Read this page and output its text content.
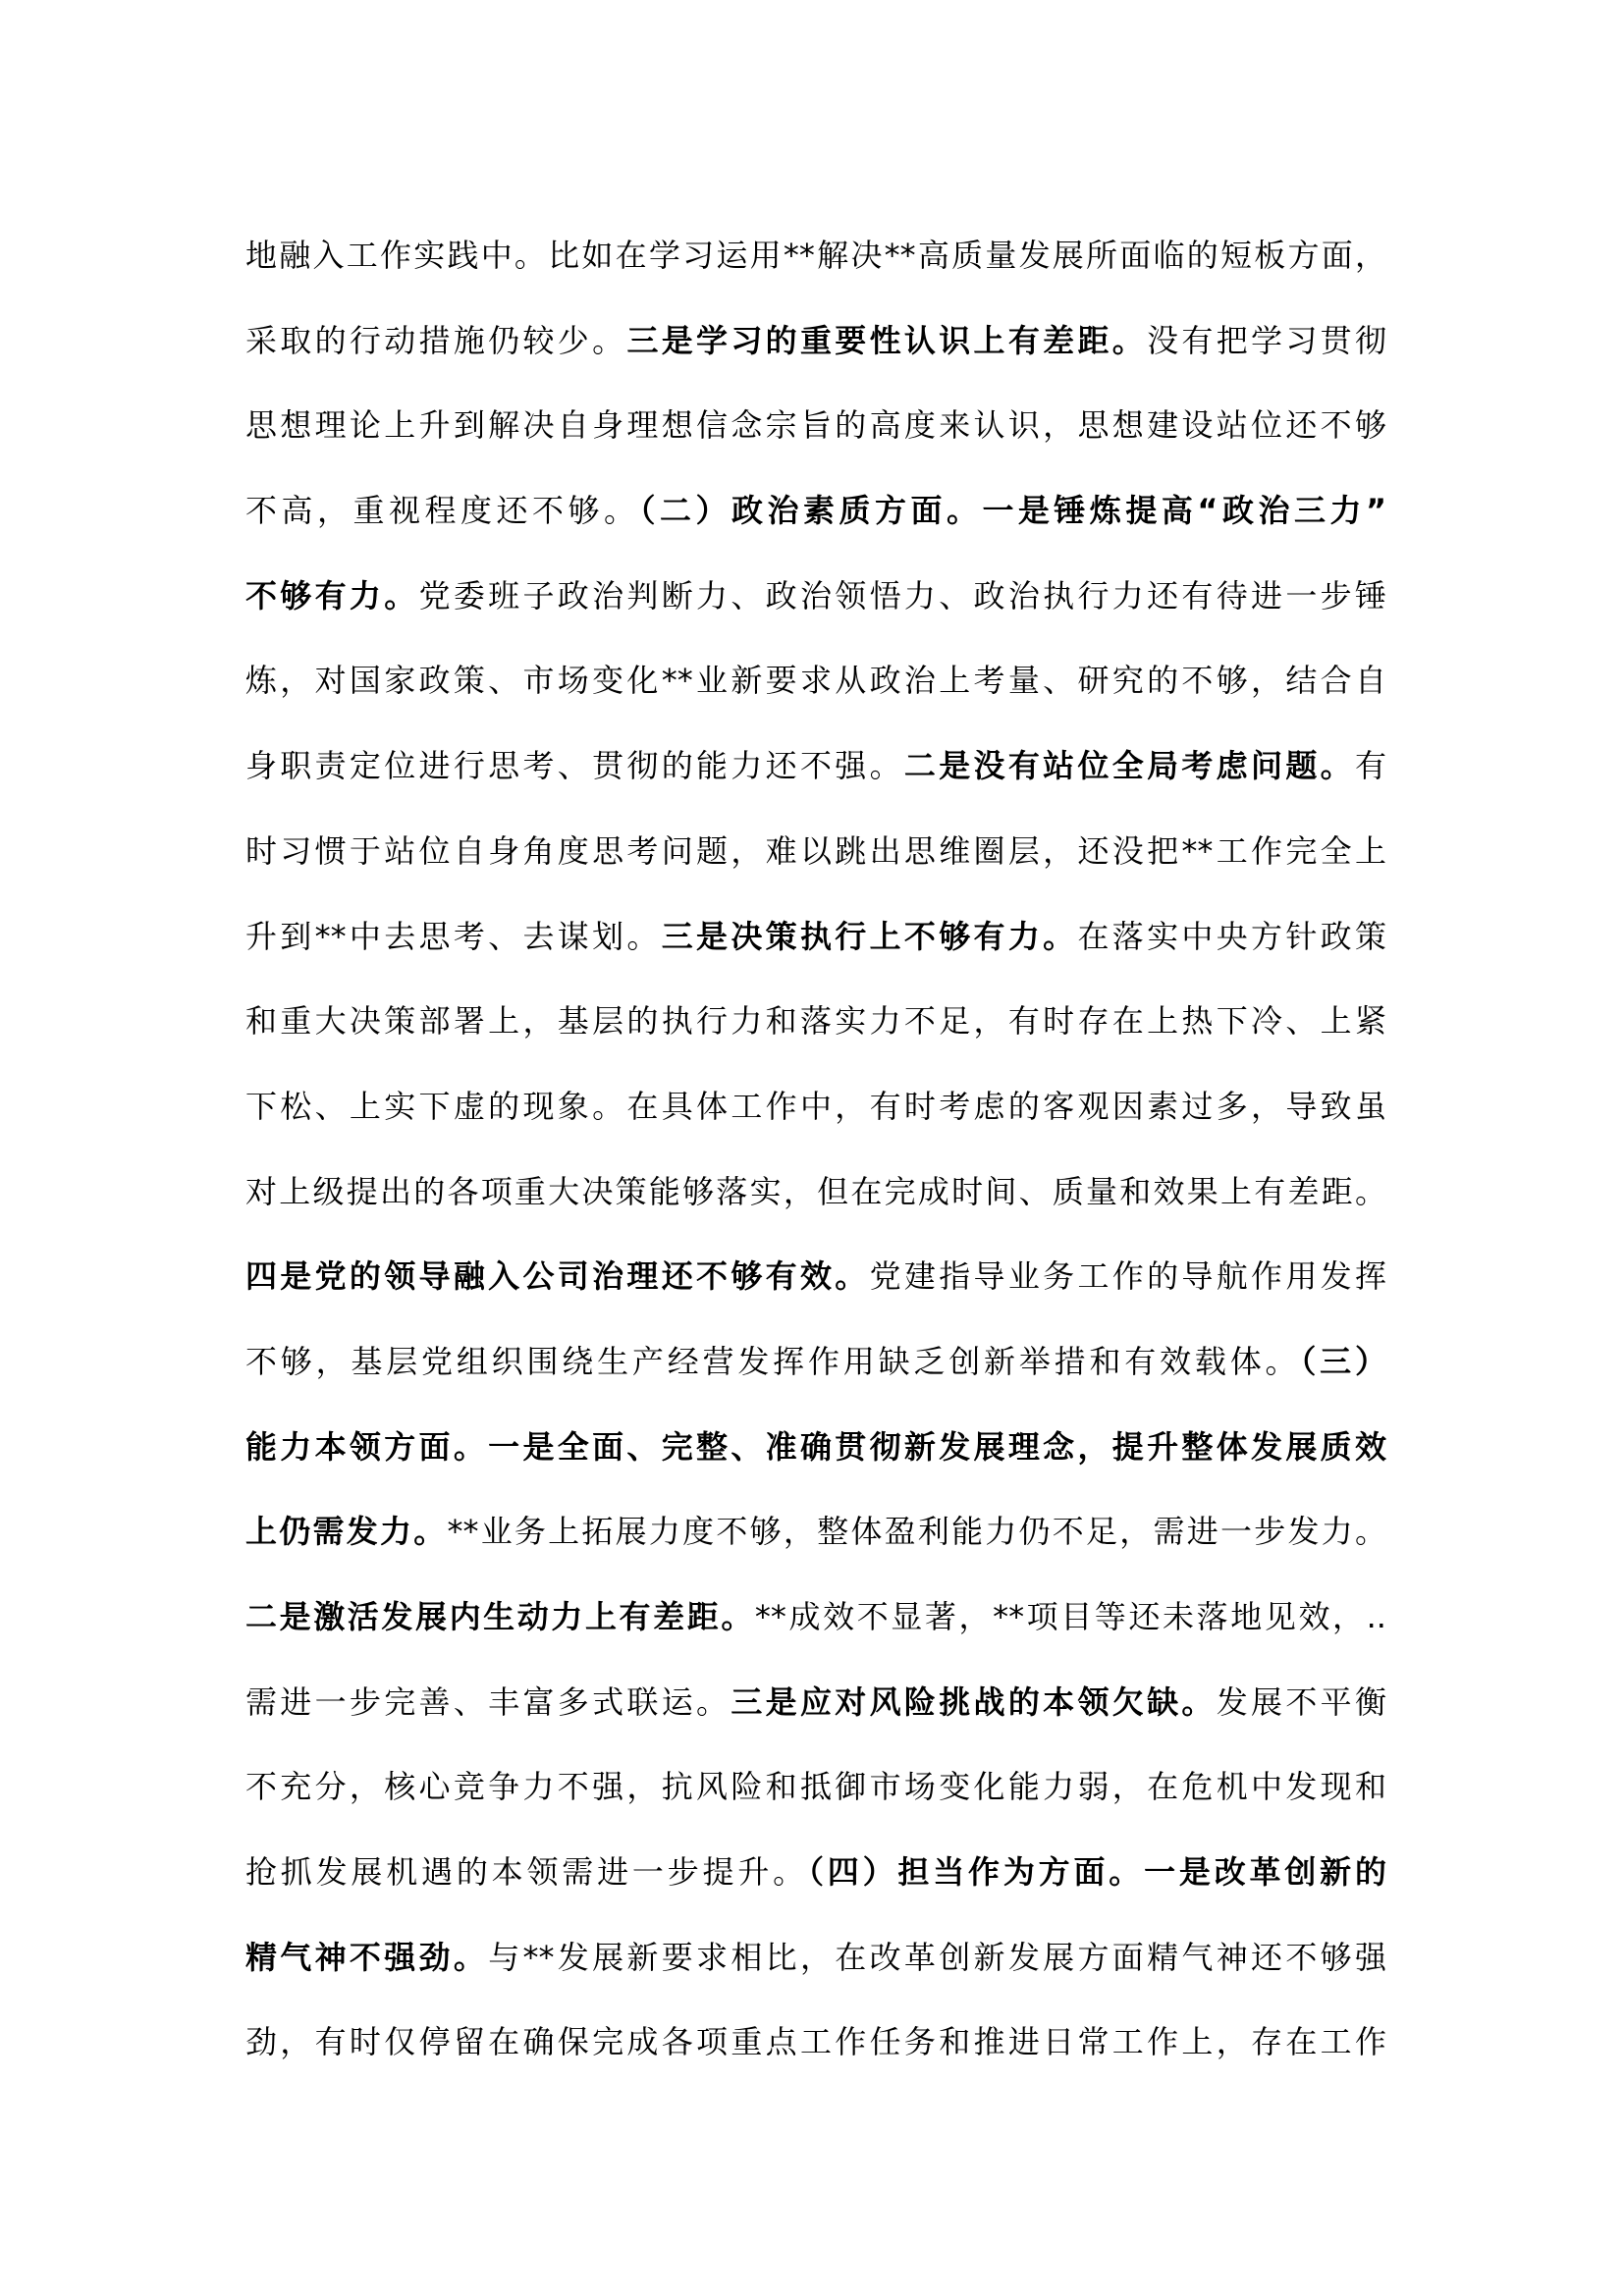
地融入工作实践中。比如在学习运用**解决**高质量发展所面临的短板方面，
采取的行动措施仍较少。三是学习的重要性认识上有差距。没有把学习贯彻
思想理论上升到解决自身理想信念宗旨的高度来认识，思想建设站位还不够
不高，重视程度还不够。（二）政治素质方面。一是锤炼提高“政治三力”
不够有力。党委班子政治判断力、政治领悟力、政治执行力还有待进一步锤
炼，对国家政策、市场变化**业新要求从政治上考量、研究的不够，结合自
身职责定位进行思考、贯彻的能力还不强。二是没有站位全局考虑问题。有
时习惯于站位自身角度思考问题，难以跳出思维圈层，还没把**工作完全上
升到**中去思考、去谋划。三是决策执行上不够有力。在落实中央方针政策
和重大决策部署上，基层的执行力和落实力不足，有时存在上热下冷、上紧
下松、上实下虚的现象。在具体工作中，有时考虑的客观因素过多，导致虽
对上级提出的各项重大决策能够落实，但在完成时间、质量和效果上有差距。
四是党的领导融入公司治理还不够有效。党建指导业务工作的导航作用发挥
不够，基层党组织围绕生产经营发挥作用缺乏创新举措和有效载体。（三）
能力本领方面。一是全面、完整、准确贯彻新发展理念，提升整体发展质效
上仍需发力。**业务上拓展力度不够，整体盈利能力仍不足，需进一步发力。
二是激活发展内生动力上有差距。**成效不显著，**项目等还未落地见效，..
需进一步完善、丰富多式联运。三是应对风险挑战的本领欠缺。发展不平衡
不充分，核心竞争力不强，抗风险和抵御市场变化能力弱，在危机中发现和
抢抓发展机遇的本领需进一步提升。（四）担当作为方面。一是改革创新的
精气神不强劲。与**发展新要求相比，在改革创新发展方面精气神还不够强
劲，有时仅停留在确保完成各项重点工作任务和推进日常工作上，存在工作
